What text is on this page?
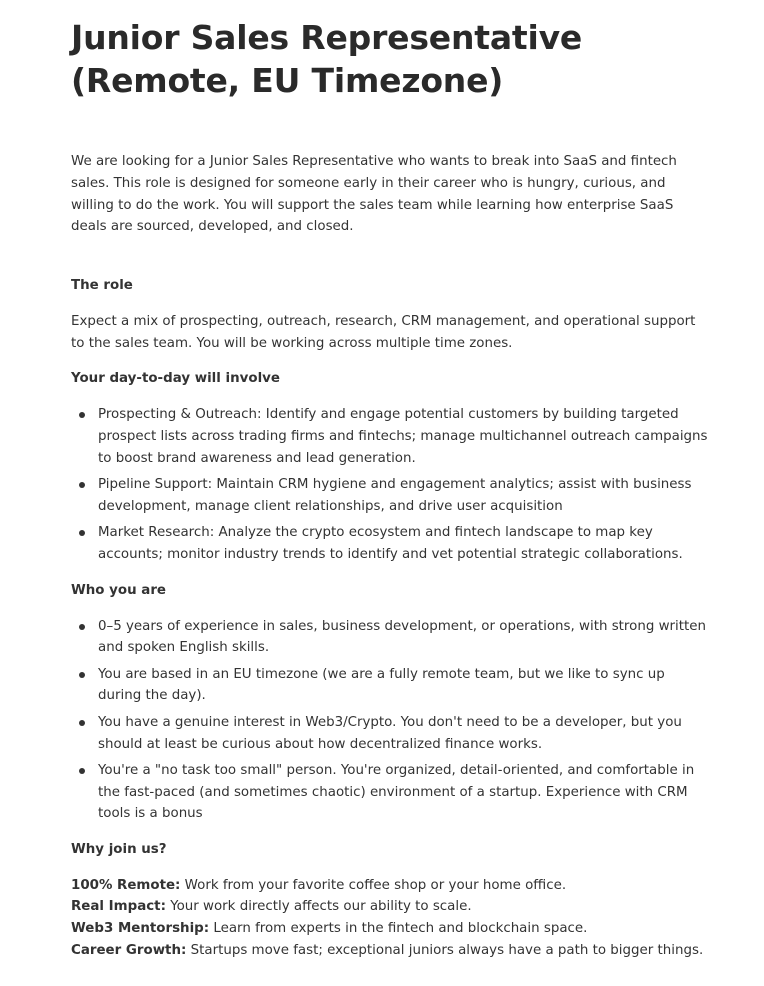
Junior Sales Representative
(Remote, EU Timezone)

We are looking for a Junior Sales Representative who wants to break into SaaS and fintech sales. This role is designed for someone early in their career who is hungry, curious, and willing to do the work. You will support the sales team while learning how enterprise SaaS deals are sourced, developed, and closed.

The role

Expect a mix of prospecting, outreach, research, CRM management, and operational support to the sales team. You will be working across multiple time zones.

Your day-to-day will involve
Prospecting & Outreach: Identify and engage potential customers by building targeted prospect lists across trading firms and fintechs; manage multichannel outreach campaigns to boost brand awareness and lead generation.
Pipeline Support: Maintain CRM hygiene and engagement analytics; assist with business development, manage client relationships, and drive user acquisition
Market Research: Analyze the crypto ecosystem and fintech landscape to map key accounts; monitor industry trends to identify and vet potential strategic collaborations.
Who you are
0–5 years of experience in sales, business development, or operations, with strong written and spoken English skills.
You are based in an EU timezone (we are a fully remote team, but we like to sync up during the day).
You have a genuine interest in Web3/Crypto. You don't need to be a developer, but you should at least be curious about how decentralized finance works.
You're a "no task too small" person. You're organized, detail-oriented, and comfortable in the fast-paced (and sometimes chaotic) environment of a startup. Experience with CRM tools is a bonus
Why join us?
100% Remote: Work from your favorite coffee shop or your home office.
Real Impact: Your work directly affects our ability to scale.
Web3 Mentorship: Learn from experts in the fintech and blockchain space.
Career Growth: Startups move fast; exceptional juniors always have a path to bigger things.
